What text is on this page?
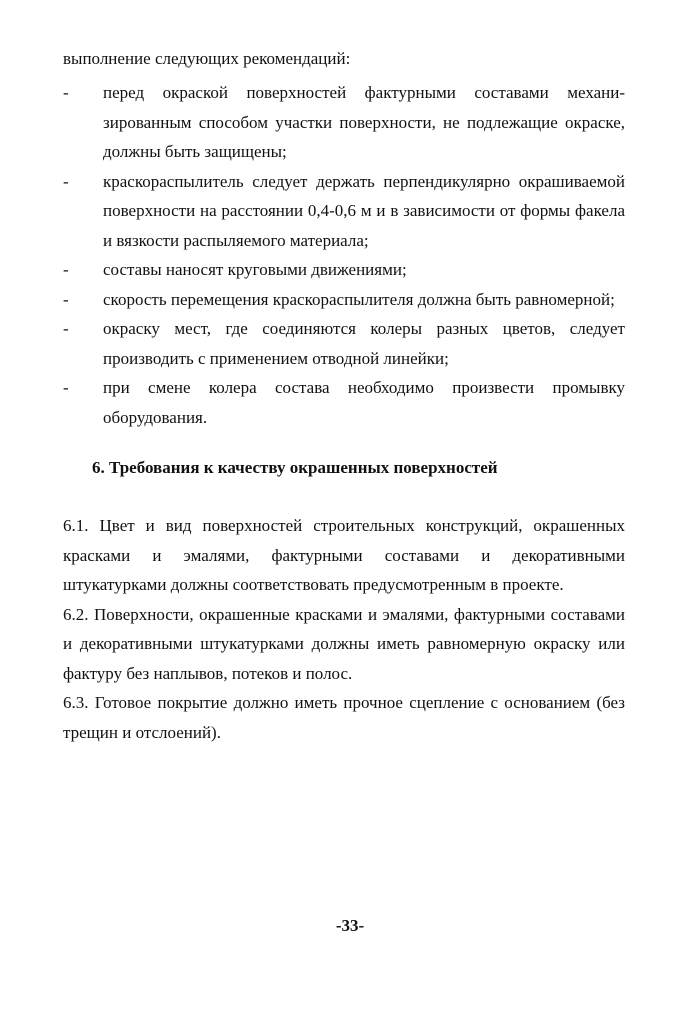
выполнение следующих рекомендаций:

- перед окраской поверхностей фактурными составами механи-зированным способом участки поверхности, не подлежащие окраске, должны быть защищены;
- краскораспылитель следует держать перпендикулярно окрашиваемой поверхности на расстоянии 0,4-0,6 м и в зависимости от формы факела и вязкости распыляемого материала;
- составы наносят круговыми движениями;
- скорость перемещения краскораспылителя должна быть равномерной;
- окраску мест, где соединяются колеры разных цветов, следует производить с применением отводной линейки;
- при смене колера состава необходимо произвести промывку оборудования.
6. Требования к качеству окрашенных поверхностей

6.1. Цвет и вид поверхностей строительных конструкций, окрашенных красками и эмалями, фактурными составами и декоративными штукатурками должны соответствовать предусмотренным в проекте.

6.2. Поверхности, окрашенные красками и эмалями, фактурными составами и декоративными штукатурками должны иметь равномерную окраску или фактуру без наплывов, потеков и полос.

6.3. Готовое покрытие должно иметь прочное сцепление с основанием (без трещин и отслоений).

-33-
